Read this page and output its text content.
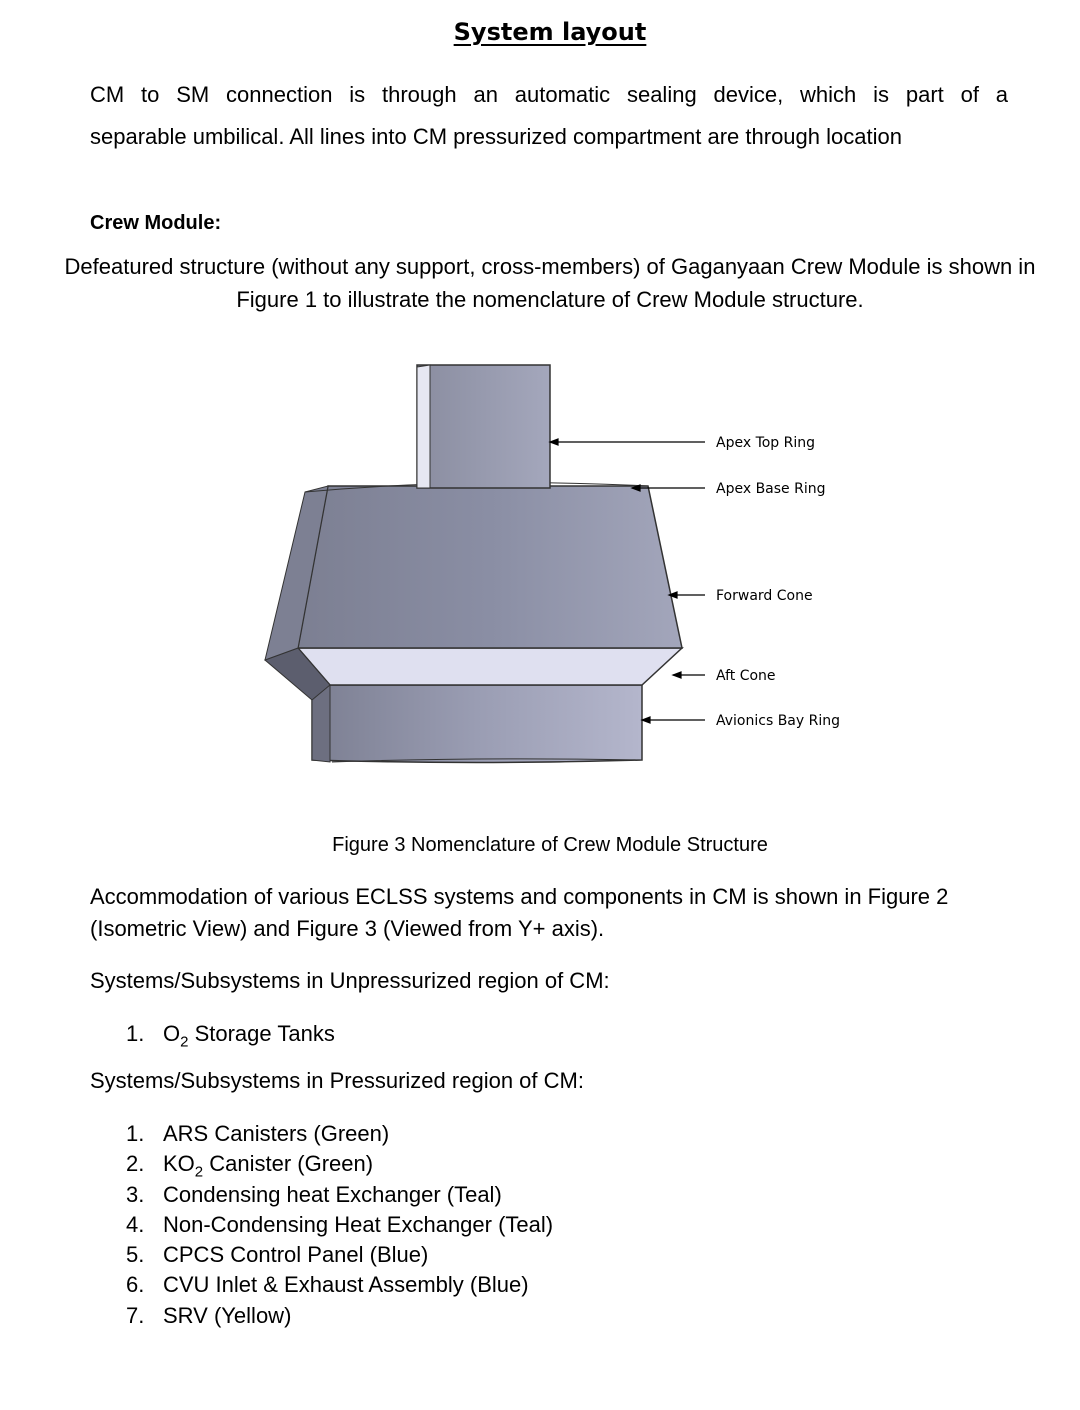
System layout

CM to SM connection is through an automatic sealing device, which is part of a
separable umbilical. All lines into CM pressurized compartment are through location

Crew Module:

Defeatured structure (without any support, cross-members) of Gaganyaan Crew Module is shown in Figure 1 to illustrate the nomenclature of Crew Module structure.

Apex Top Ring
Apex Base Ring
Forward Cone
Aft Cone
Avionics Bay Ring
Figure 3 Nomenclature of Crew Module Structure

Accommodation of various ECLSS systems and components in CM is shown in Figure 2 (Isometric View) and Figure 3 (Viewed from Y+ axis).

Systems/Subsystems in Unpressurized region of CM:
1. $O_2$ Storage Tanks
Systems/Subsystems in Pressurized region of CM:
1. ARS Canisters (Green)
2. $KO_2$ Canister (Green)
3. Condensing heat Exchanger (Teal)
4. Non-Condensing Heat Exchanger (Teal)
5. CPCS Control Panel (Blue)
6. CVU Inlet & Exhaust Assembly (Blue)
7. SRV (Yellow)
